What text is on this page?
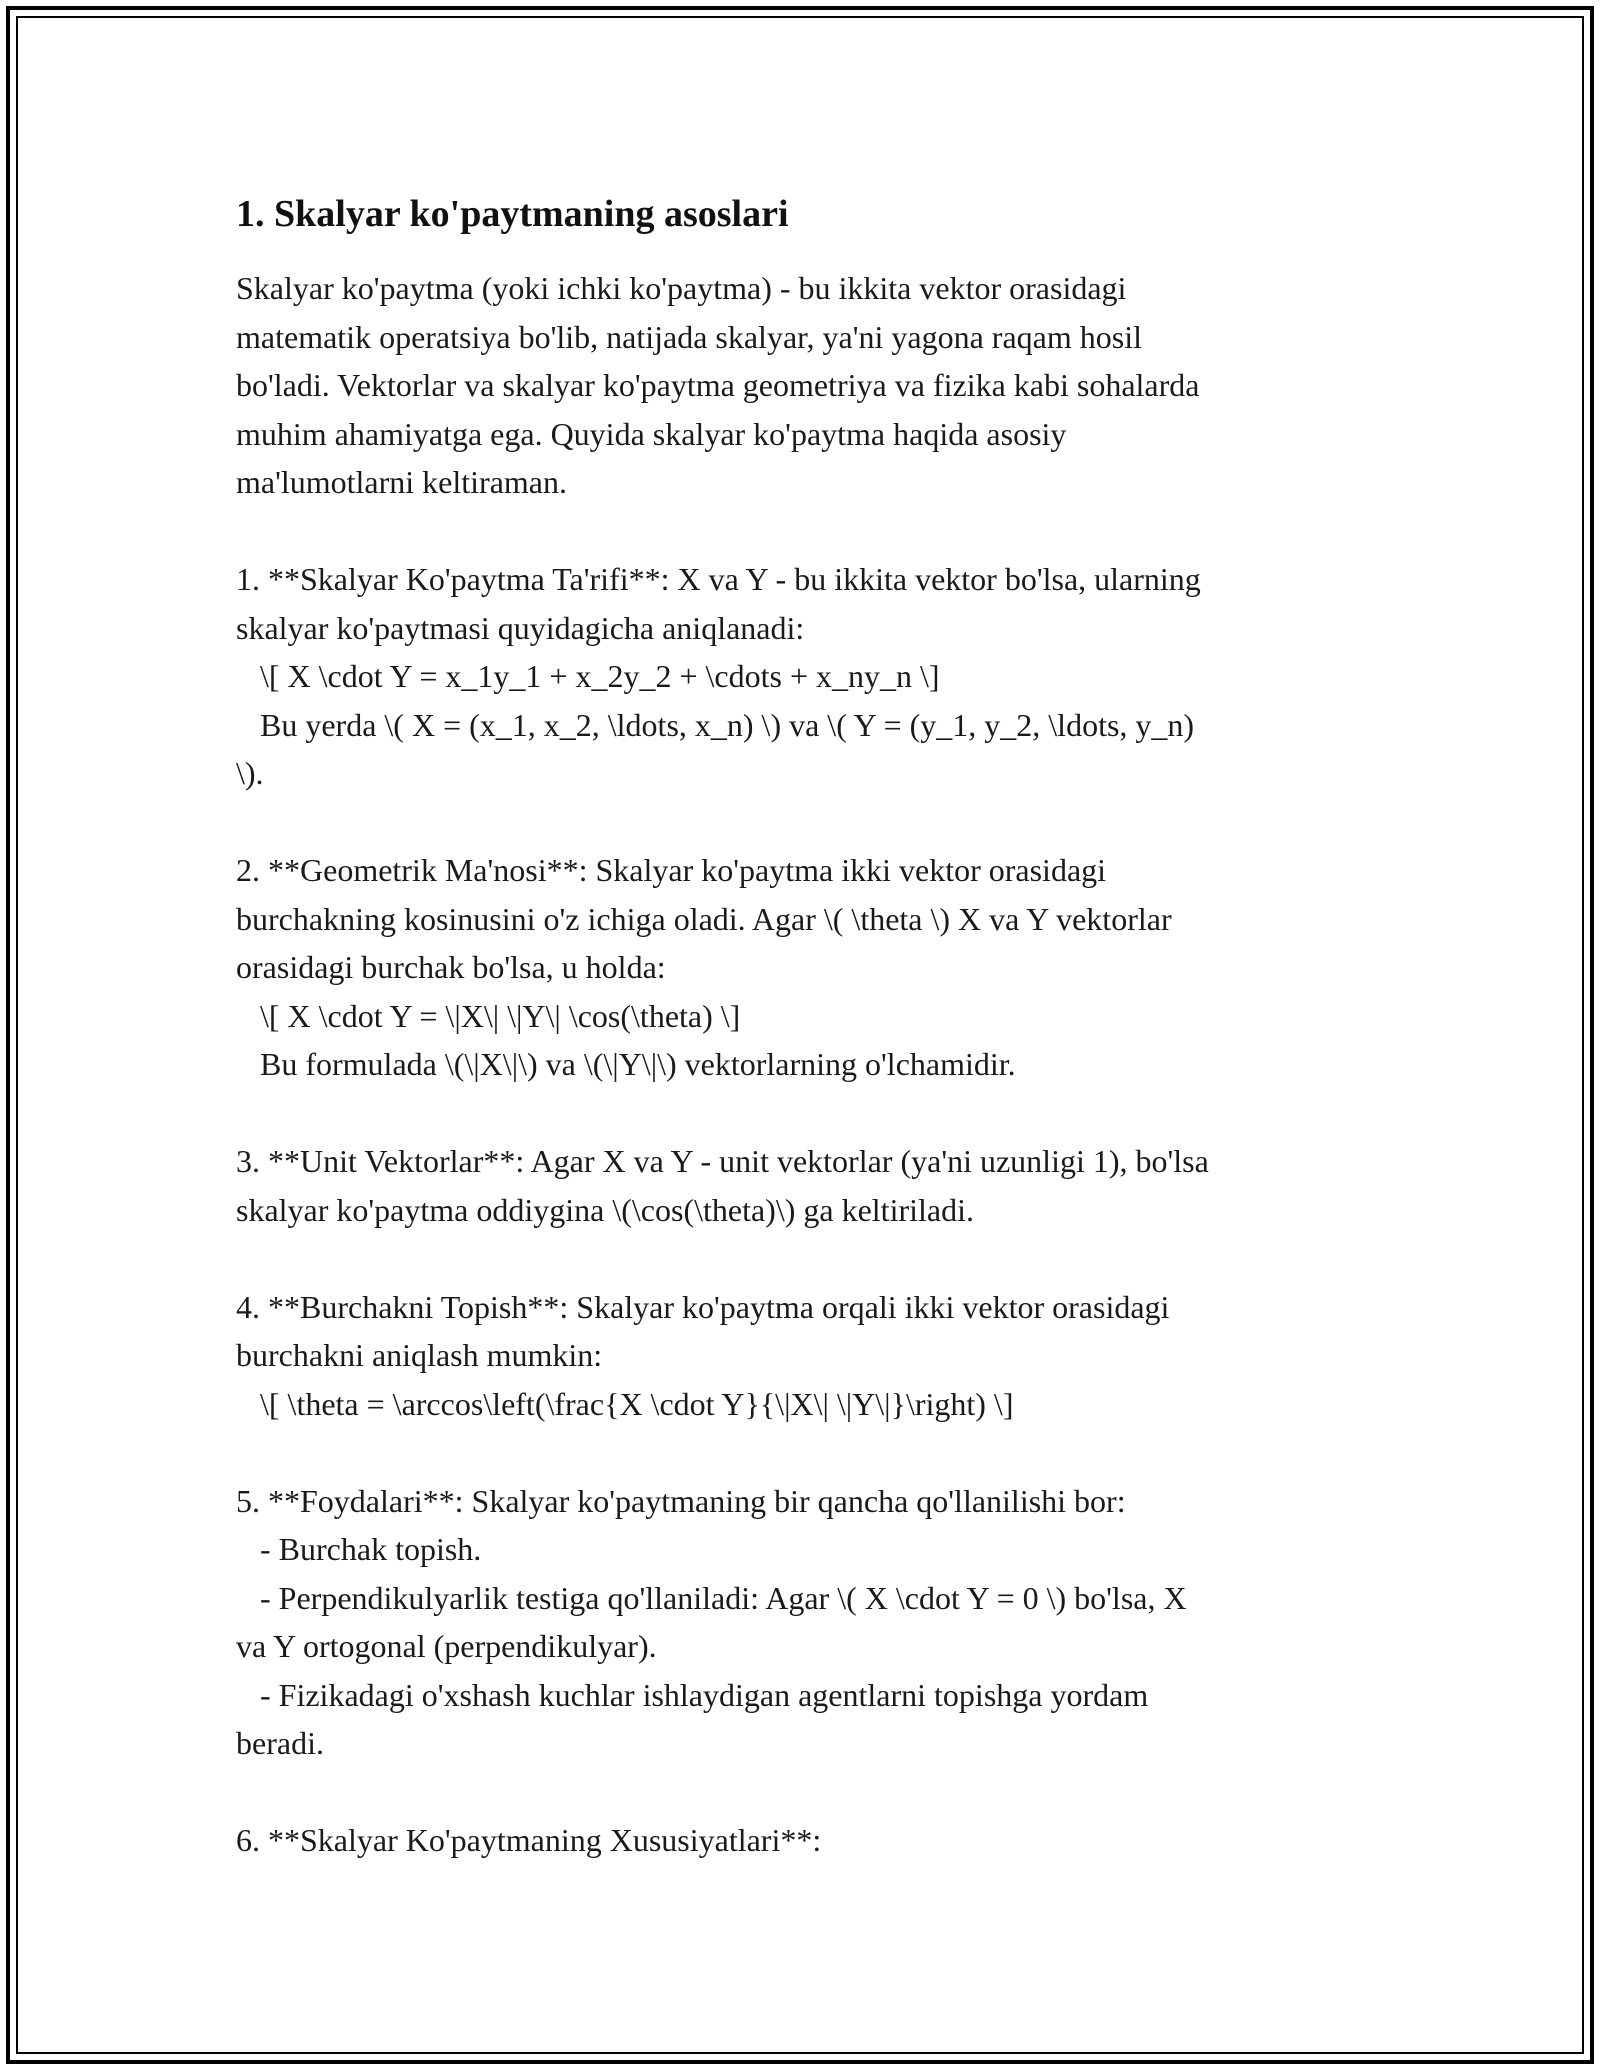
1. Skalyar ko'paytmaning asoslari

Skalyar ko'paytma (yoki ichki ko'paytma) - bu ikkita vektor orasidagi
matematik operatsiya bo'lib, natijada skalyar, ya'ni yagona raqam hosil
bo'ladi. Vektorlar va skalyar ko'paytma geometriya va fizika kabi sohalarda
muhim ahamiyatga ega. Quyida skalyar ko'paytma haqida asosiy
ma'lumotlarni keltiraman.

1. **Skalyar Ko'paytma Ta'rifi**: X va Y - bu ikkita vektor bo'lsa, ularning
skalyar ko'paytmasi quyidagicha aniqlanadi:
\[ X \cdot Y = x_1y_1 + x_2y_2 + \cdots + x_ny_n \]
Bu yerda \( X = (x_1, x_2, \ldots, x_n) \) va \( Y = (y_1, y_2, \ldots, y_n)
\).

2. **Geometrik Ma'nosi**: Skalyar ko'paytma ikki vektor orasidagi
burchakning kosinusini o'z ichiga oladi. Agar \( \theta \) X va Y vektorlar
orasidagi burchak bo'lsa, u holda:
\[ X \cdot Y = \|X\| \|Y\| \cos(\theta) \]
Bu formulada \(\|X\|\) va \(\|Y\|\) vektorlarning o'lchamidir.

3. **Unit Vektorlar**: Agar X va Y - unit vektorlar (ya'ni uzunligi 1), bo'lsa
skalyar ko'paytma oddiygina \(\cos(\theta)\) ga keltiriladi.

4. **Burchakni Topish**: Skalyar ko'paytma orqali ikki vektor orasidagi
burchakni aniqlash mumkin:
\[ \theta = \arccos\left(\frac{X \cdot Y}{\|X\| \|Y\|}\right) \]

5. **Foydalari**: Skalyar ko'paytmaning bir qancha qo'llanilishi bor:
- Burchak topish.
- Perpendikulyarlik testiga qo'llaniladi: Agar \( X \cdot Y = 0 \) bo'lsa, X
va Y ortogonal (perpendikulyar).
- Fizikadagi o'xshash kuchlar ishlaydigan agentlarni topishga yordam
beradi.

6. **Skalyar Ko'paytmaning Xususiyatlari**:
